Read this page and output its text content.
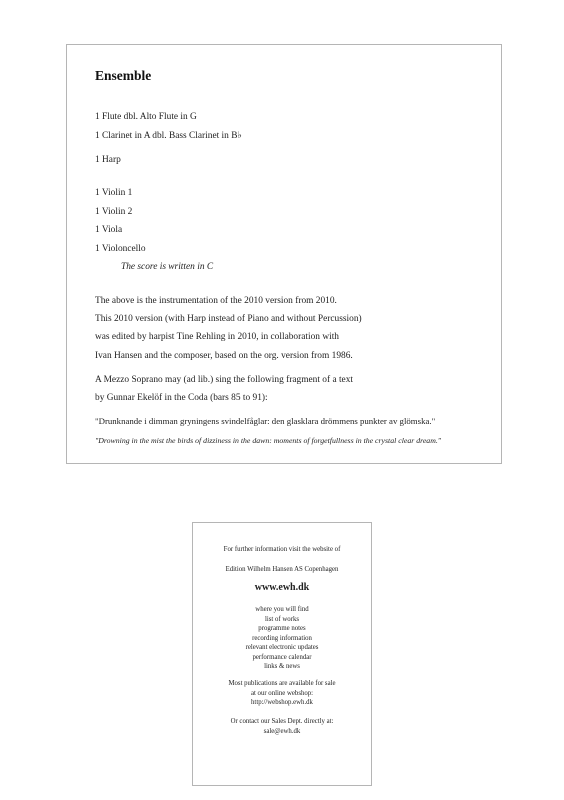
Ensemble
1 Flute dbl. Alto Flute in G
1 Clarinet in A dbl. Bass Clarinet in B♭
1 Harp
1 Violin 1
1 Violin 2
1 Viola
1 Violoncello
The score is written in C
The above is the instrumentation of the 2010 version from 2010.
This 2010 version (with Harp instead of Piano and without Percussion)
was edited by harpist Tine Rehling in 2010, in collaboration with
Ivan Hansen and the composer, based on the org. version from 1986.
A Mezzo Soprano may (ad lib.) sing the following fragment of a text
by Gunnar Ekelöf in the Coda (bars 85 to 91):
"Drunknande i dimman gryningens svindelfåglar: den glasklara drömmens punkter av glömska."
"Drowning in the mist the birds of dizziness in the dawn: moments of forgetfullness in the crystal clear dream."
For further information visit the website of
Edition Wilhelm Hansen AS Copenhagen
www.ewh.dk
where you will find
list of works
programme notes
recording information
relevant electronic updates
performance calendar
links & news
Most publications are available for sale
at our online webshop:
http://webshop.ewh.dk
Or contact our Sales Dept. directly at:
sale@ewh.dk
